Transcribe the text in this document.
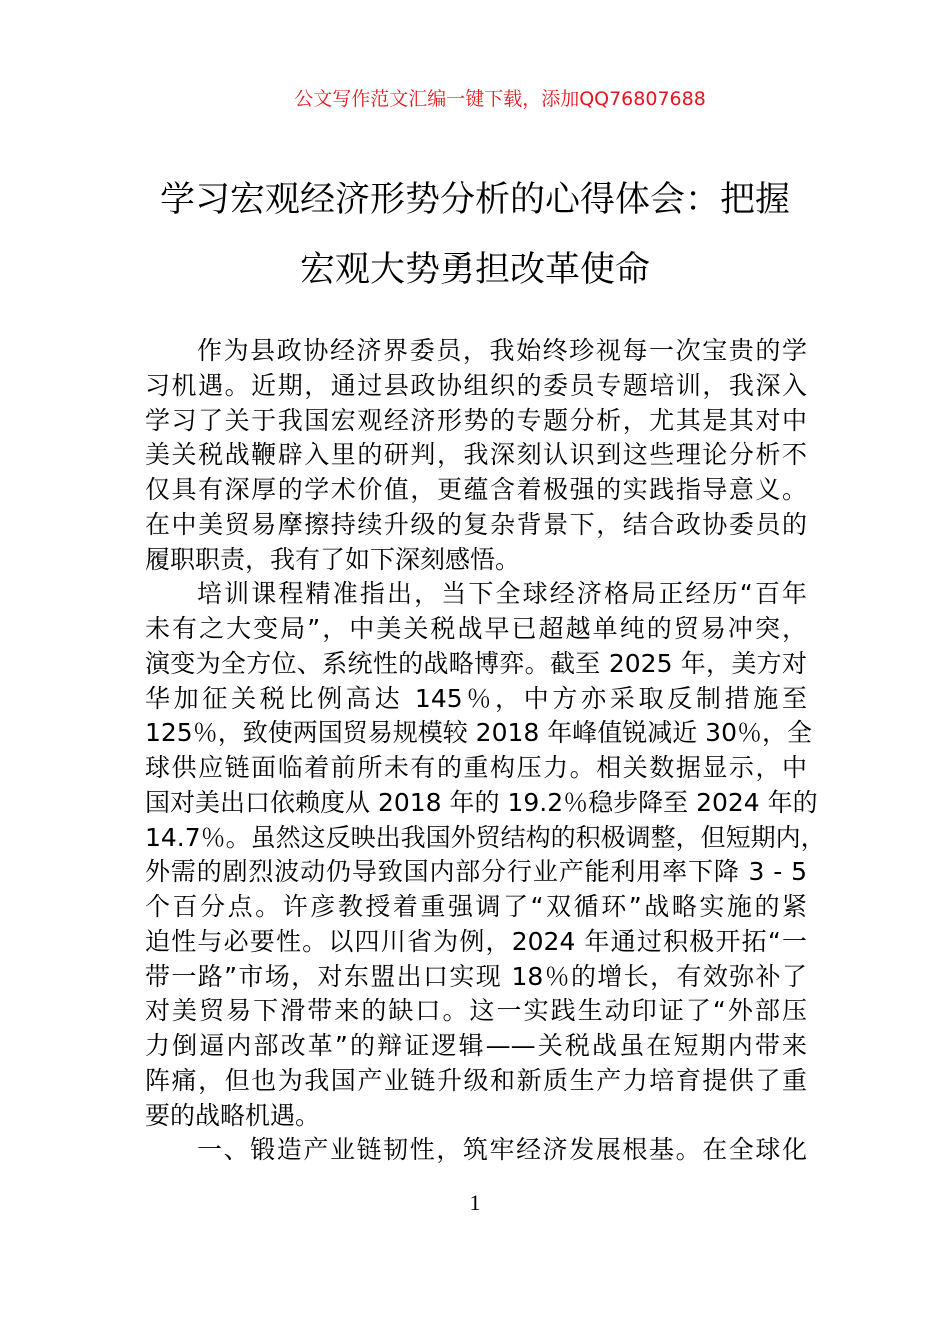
公文写作范文汇编一键下载，添加QQ76807688
学习宏观经济形势分析的心得体会：把握
宏观大势勇担改革使命
作为县政协经济界委员，我始终珍视每一次宝贵的学
习机遇。近期，通过县政协组织的委员专题培训，我深入
学习了关于我国宏观经济形势的专题分析，尤其是其对中
美关税战鞭辟入里的研判，我深刻认识到这些理论分析不
仅具有深厚的学术价值，更蕴含着极强的实践指导意义。
在中美贸易摩擦持续升级的复杂背景下，结合政协委员的
履职职责，我有了如下深刻感悟。
培训课程精准指出，当下全球经济格局正经历“百年
未有之大变局”，中美关税战早已超越单纯的贸易冲突，
演变为全方位、系统性的战略博弈。截至 2025 年，美方对
华加征关税比例高达 145％，中方亦采取反制措施至
125％，致使两国贸易规模较 2018 年峰值锐减近 30％，全
球供应链面临着前所未有的重构压力。相关数据显示，中
国对美出口依赖度从 2018 年的 19.2％稳步降至 2024 年的
14.7％。虽然这反映出我国外贸结构的积极调整，但短期内，
外需的剧烈波动仍导致国内部分行业产能利用率下降 3 - 5
个百分点。许彦教授着重强调了“双循环”战略实施的紧
迫性与必要性。以四川省为例，2024 年通过积极开拓“一
带一路”市场，对东盟出口实现 18％的增长，有效弥补了
对美贸易下滑带来的缺口。这一实践生动印证了“外部压
力倒逼内部改革”的辩证逻辑——关税战虽在短期内带来
阵痛，但也为我国产业链升级和新质生产力培育提供了重
要的战略机遇。
一、锻造产业链韧性，筑牢经济发展根基。在全球化
1
